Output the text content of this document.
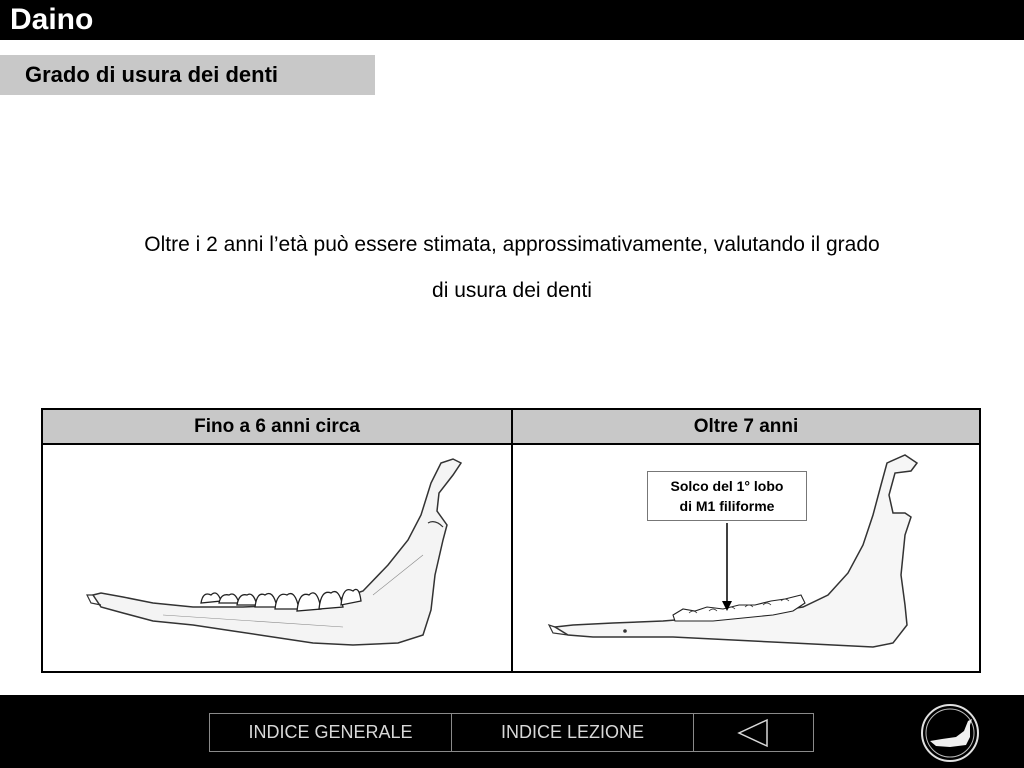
Daino
Grado di usura dei denti
Oltre i 2 anni l’età può essere stimata, approssimativamente, valutando il grado
di usura dei denti
Fino a 6 anni circa	Oltre 7 anni
Solco del 1° lobo
di M1 filiforme
INDICE GENERALE	INDICE LEZIONE
